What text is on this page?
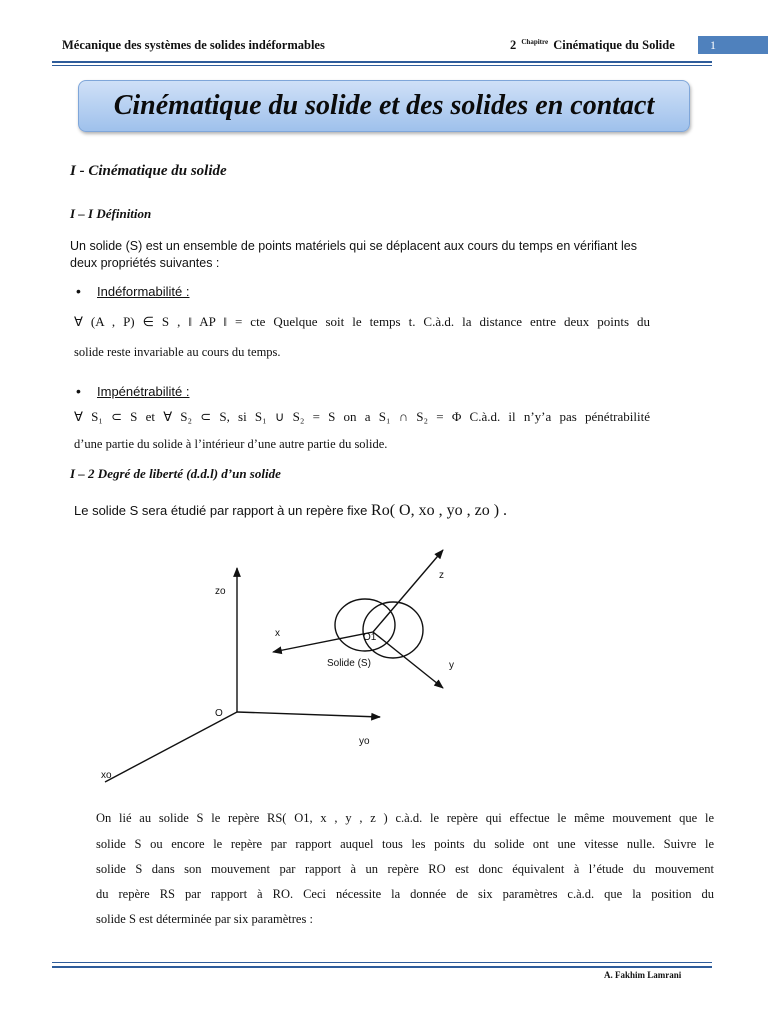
Mécanique des systèmes de solides indéformables	2 $^{Chapitre}$ Cinématique du Solide	1
Cinématique du solide et des solides en contact
I - Cinématique du solide
I – I Définition
Un solide (S) est un ensemble de points matériels qui se déplacent aux cours du temps en vérifiant les
deux propriétés suivantes :
• Indéformabilité :
∀ (A , P) ∈ S , ‖ AP ‖ = cte Quelque soit le temps t. C.à.d. la distance entre deux points du
solide reste invariable au cours du temps.
• Impénétrabilité :
∀ S₁ ⊂ S et ∀ S₂ ⊂ S, si S₁ ∪ S₂ = S on a S₁ ∩ S₂ = Φ C.à.d. il n’y’a pas pénétrabilité
d’une partie du solide à l’intérieur d’une autre partie du solide.
I – 2 Degré de liberté (d.d.l) d’un solide
Le solide S sera étudié par rapport à un repère fixe Ro( O, xo , yo , zo ) .
zo
yo
xo
O
O1
x
y
z
Solide (S)
On lié au solide S le repère RS( O1, x , y , z ) c.à.d. le repère qui effectue le même mouvement que le
solide S ou encore le repère par rapport auquel tous les points du solide ont une vitesse nulle. Suivre le
solide S dans son mouvement par rapport à un repère RO est donc équivalent à l’étude du mouvement
du repère RS par rapport à RO. Ceci nécessite la donnée de six paramètres c.à.d. que la position du
solide S est déterminée par six paramètres :
A. Fakhim Lamrani
